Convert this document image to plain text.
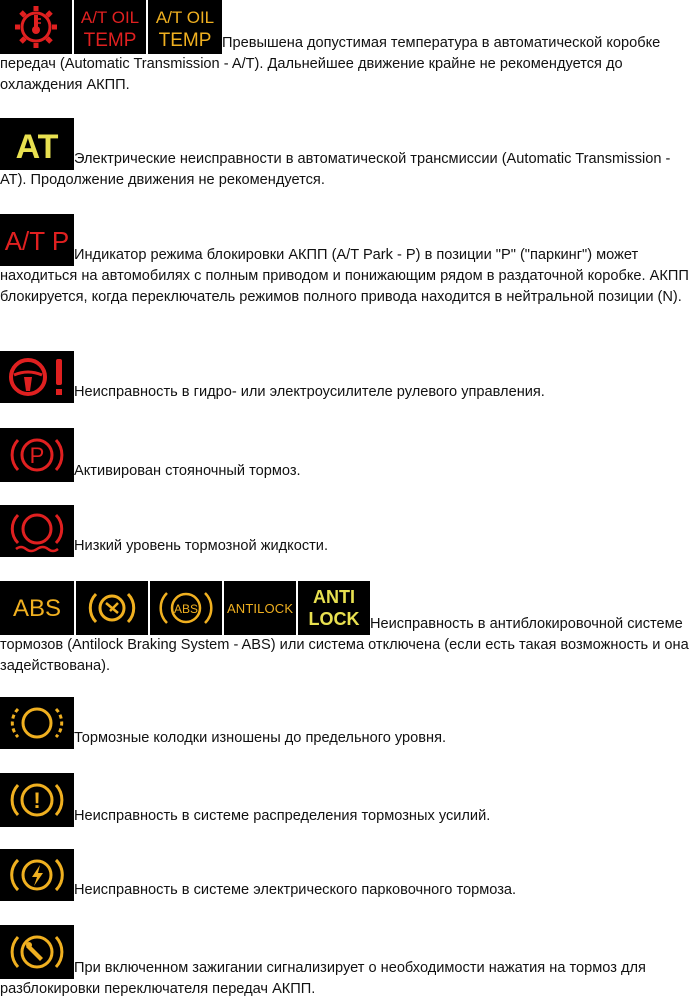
A/T OIL
TEMP
A/T OIL
TEMP Превышена допустимая температура в автоматической коробке передач (Automatic Transmission - A/T). Дальнейшее движение крайне не рекомендуется до охлаждения АКПП.

AT Электрические неисправности в автоматической трансмиссии (Automatic Transmission - AT). Продолжение движения не рекомендуется.

A/T P Индикатор режима блокировки АКПП (A/T Park - P) в позиции "P" ("паркинг") может находиться на автомобилях с полным приводом и понижающим рядом в раздаточной коробке. АКПП блокируется, когда переключатель режимов полного привода находится в нейтральной позиции (N).

Неисправность в гидро- или электроусилителе рулевого управления.

P
Активирован стояночный тормоз.

Низкий уровень тормозной жидкости.

ABS	ABS ANTILOCK
ANTI
LOCK Неисправность в антиблокировочной системе тормозов (Antilock Braking System - ABS) или система отключена (если есть такая возможность и она задействована).

Тормозные колодки изношены до предельного уровня.

!
Неисправность в системе распределения тормозных усилий.

Неисправность в системе электрического парковочного тормоза.

При включенном зажигании сигнализирует о необходимости нажатия на тормоз для разблокировки переключателя передач АКПП.
